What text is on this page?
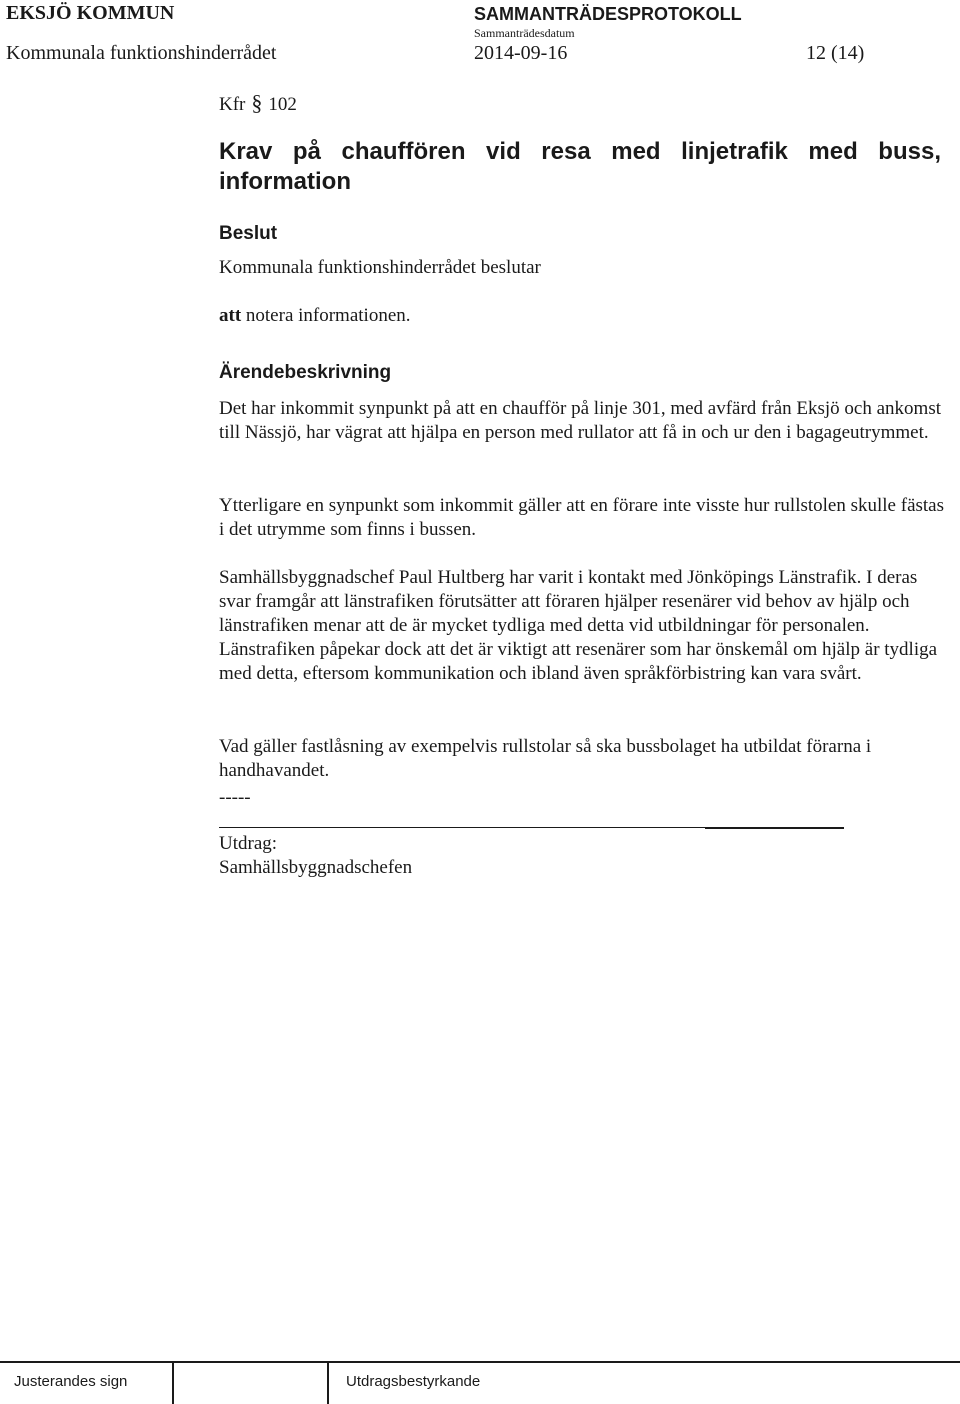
EKSJÖ KOMMUN	SAMMANTRÄDESPROTOKOLL
Sammanträdesdatum
Kommunala funktionshinderrådet	2014-09-16	12 (14)
Kfr § 102
Krav på chauffören vid resa med linjetrafik med buss, information
Beslut
Kommunala funktionshinderrådet beslutar
att notera informationen.
Ärendebeskrivning

Det har inkommit synpunkt på att en chaufför på linje 301, med avfärd från Eksjö och ankomst till Nässjö, har vägrat att hjälpa en person med rullator att få in och ur den i bagageutrymmet.

Ytterligare en synpunkt som inkommit gäller att en förare inte visste hur rullstolen skulle fästas i det utrymme som finns i bussen.

Samhällsbyggnadschef Paul Hultberg har varit i kontakt med Jönköpings Länstrafik. I deras svar framgår att länstrafiken förutsätter att föraren hjälper resenärer vid behov av hjälp och länstrafiken menar att de är mycket tydliga med detta vid utbildningar för personalen. Länstrafiken påpekar dock att det är viktigt att resenärer som har önskemål om hjälp är tydliga med detta, eftersom kommunikation och ibland även språkförbistring kan vara svårt.

Vad gäller fastlåsning av exempelvis rullstolar så ska bussbolaget ha utbildat förarna i handhavandet.

-----
Utdrag:
Samhällsbyggnadschefen
Justerandes sign	Utdragsbestyrkande
